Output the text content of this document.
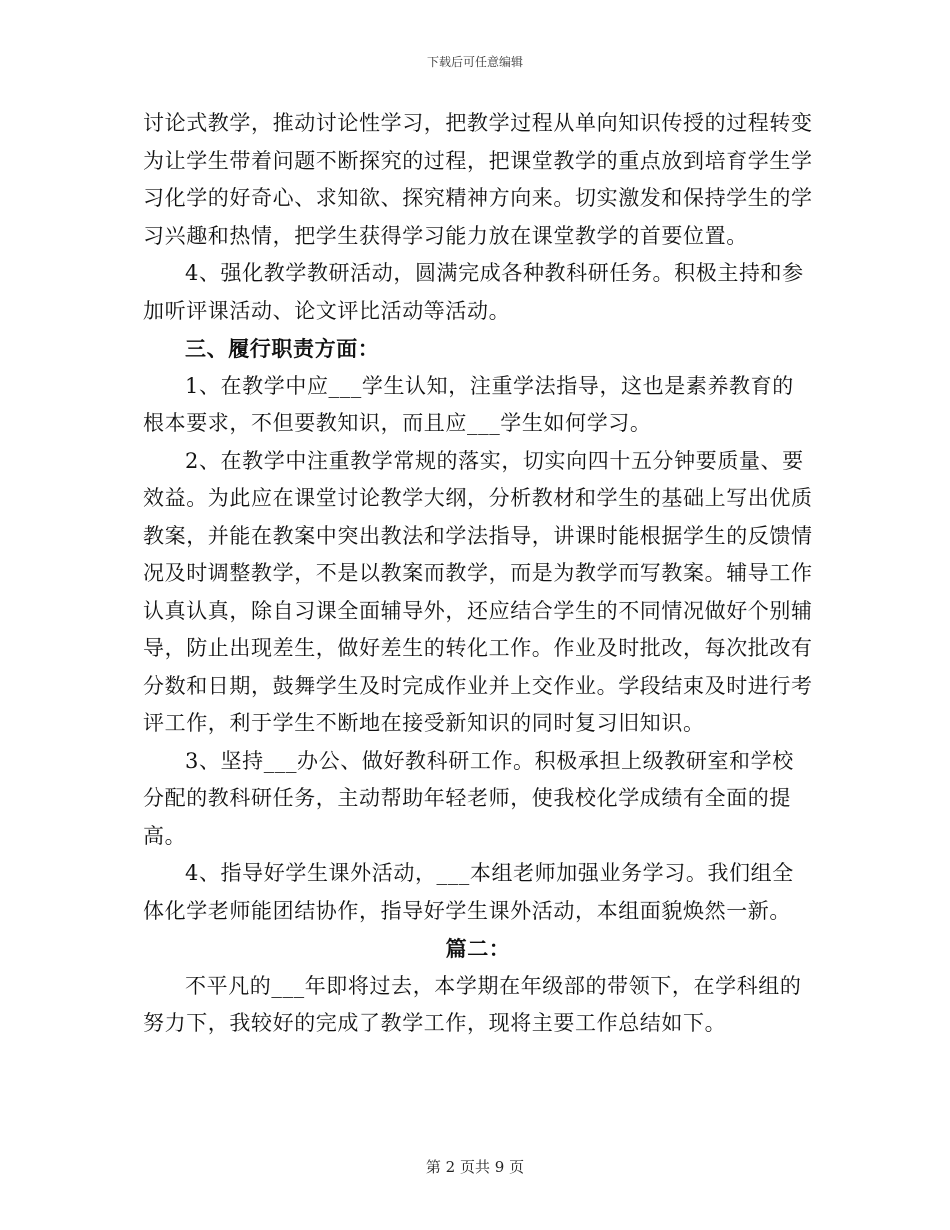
下载后可任意编辑

讨论式教学，推动讨论性学习，把教学过程从单向知识传授的过程转变为让学生带着问题不断探究的过程，把课堂教学的重点放到培育学生学习化学的好奇心、求知欲、探究精神方向来。切实激发和保持学生的学习兴趣和热情，把学生获得学习能力放在课堂教学的首要位置。

4、强化教学教研活动，圆满完成各种教科研任务。积极主持和参加听评课活动、论文评比活动等活动。

三、履行职责方面：

1、在教学中应___学生认知，注重学法指导，这也是素养教育的根本要求，不但要教知识，而且应___学生如何学习。

2、在教学中注重教学常规的落实，切实向四十五分钟要质量、要效益。为此应在课堂讨论教学大纲，分析教材和学生的基础上写出优质教案，并能在教案中突出教法和学法指导，讲课时能根据学生的反馈情况及时调整教学，不是以教案而教学，而是为教学而写教案。辅导工作认真认真，除自习课全面辅导外，还应结合学生的不同情况做好个别辅导，防止出现差生，做好差生的转化工作。作业及时批改，每次批改有分数和日期，鼓舞学生及时完成作业并上交作业。学段结束及时进行考评工作，利于学生不断地在接受新知识的同时复习旧知识。

3、坚持___办公、做好教科研工作。积极承担上级教研室和学校分配的教科研任务，主动帮助年轻老师，使我校化学成绩有全面的提高。

4、指导好学生课外活动，___本组老师加强业务学习。我们组全体化学老师能团结协作，指导好学生课外活动，本组面貌焕然一新。

篇二：

不平凡的___年即将过去，本学期在年级部的带领下，在学科组的努力下，我较好的完成了教学工作，现将主要工作总结如下。

第 2 页共 9 页
